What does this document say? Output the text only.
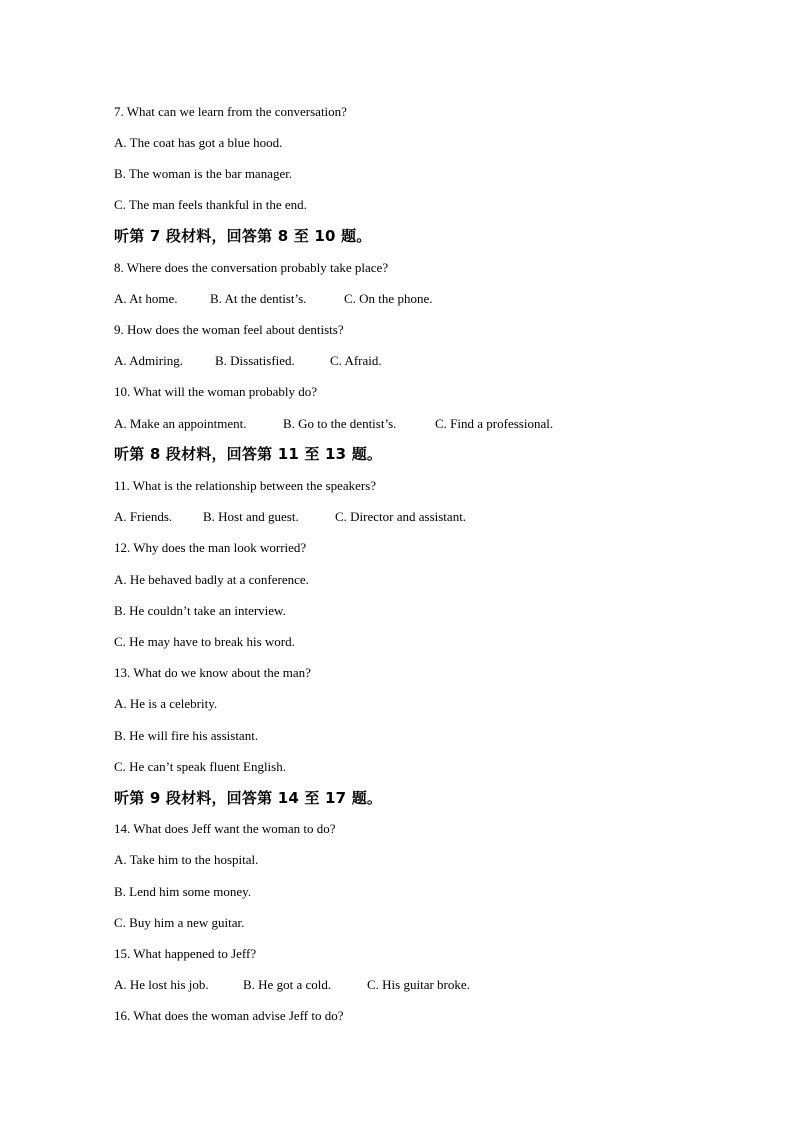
7. What can we learn from the conversation?
A. The coat has got a blue hood.
B. The woman is the bar manager.
C. The man feels thankful in the end.
听第 7 段材料，回答第 8 至 10 题。
8. Where does the conversation probably take place?
A. At home. B. At the dentist’s.	C. On the phone.
9. How does the woman feel about dentists?
A. Admiring. B. Dissatisfied.	C. Afraid.
10. What will the woman probably do?
A. Make an appointment.	B. Go to the dentist’s.	C. Find a professional.
听第 8 段材料，回答第 11 至 13 题。
11. What is the relationship between the speakers?
A. Friends. B. Host and guest.	C. Director and assistant.
12. Why does the man look worried?
A. He behaved badly at a conference.
B. He couldn’t take an interview.
C. He may have to break his word.
13. What do we know about the man?
A. He is a celebrity.
B. He will fire his assistant.
C. He can’t speak fluent English.
听第 9 段材料，回答第 14 至 17 题。
14. What does Jeff want the woman to do?
A. Take him to the hospital.
B. Lend him some money.
C. Buy him a new guitar.
15. What happened to Jeff?
A. He lost his job.	B. He got a cold.	C. His guitar broke.
16. What does the woman advise Jeff to do?
